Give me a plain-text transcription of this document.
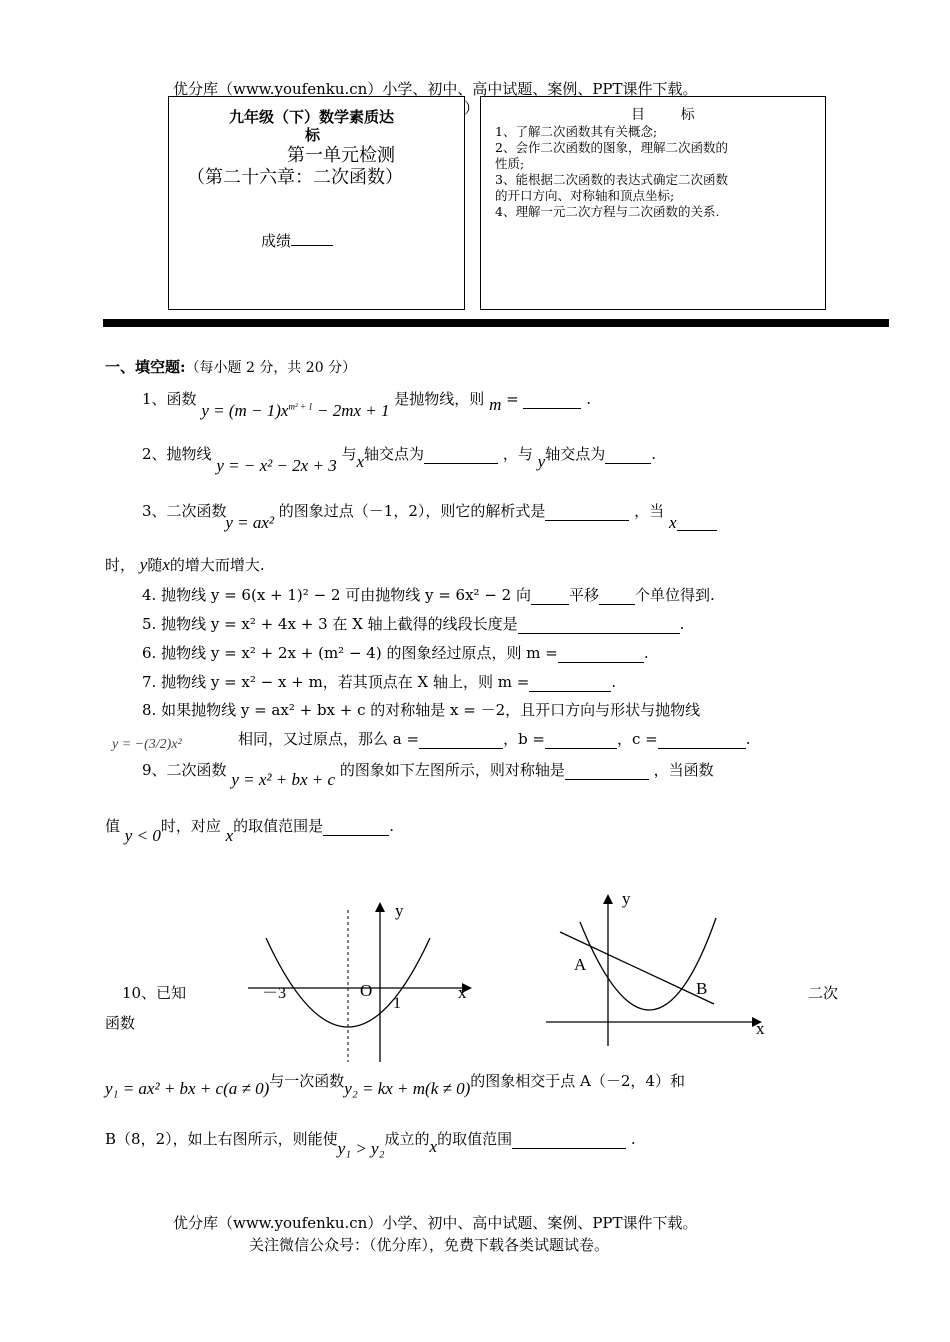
优分库（www.youfenku.cn）小学、初中、高中试题、案例、PPT课件下载。
）
九年级（下）数学素质达
标
第一单元检测
（第二十六章：二次函数）
成绩
目        标
1、了解二次函数其有关概念;
2、会作二次函数的图象，理解二次函数的
性质;
3、能根据二次函数的表达式确定二次函数
的开口方向、对称轴和顶点坐标;
4、理解一元二次方程与二次函数的关系.
一、填空题:（每小题 2 分，共 20 分）
1、函数 $y = (m - 1)x^{m^2 + 1} - 2mx + 1$ 是抛物线，则 m =	.
2、抛物线 y = − x² − 2x + 3 与x轴交点为	，与 y轴交点为	.
3、二次函数 y = ax² 的图象过点（－1，2），则它的解析式是	，当 x
时， y随x的增大而增大.
4. 抛物线 y = 6(x + 1)² − 2 可由抛物线 y = 6x² − 2 向	平移 个单位得到.
5. 抛物线 y = x² + 4x + 3 在 X 轴上截得的线段长度是	.
6. 抛物线 y = x² + 2x + (m² − 4) 的图象经过原点，则 m =	.
7. 抛物线 y = x² − x + m，若其顶点在 X 轴上，则 m =	.
8. 如果抛物线 y = ax² + bx + c 的对称轴是 x = －2，且开口方向与形状与抛物线
y = −(3/2)x²	相同，又过原点，那么 a =	，b =	，c =	.
9、二次函数 y = x² + bx + c 的图象如下左图所示，则对称轴是	，当函数
值 y < 0时，对应 x的取值范围是	.
y
x
O
－3
1
y
x
A
B
10、已知	二次
函数
y₁ = ax² + bx + c(a ≠ 0)与一次函数y₂ = kx + m(k ≠ 0)的图象相交于点 A（－2，4）和
B（8，2），如上右图所示，则能使y₁ > y₂成立的x的取值范围	.
优分库（www.youfenku.cn）小学、初中、高中试题、案例、PPT课件下载。
关注微信公众号：（优分库），免费下载各类试题试卷。
